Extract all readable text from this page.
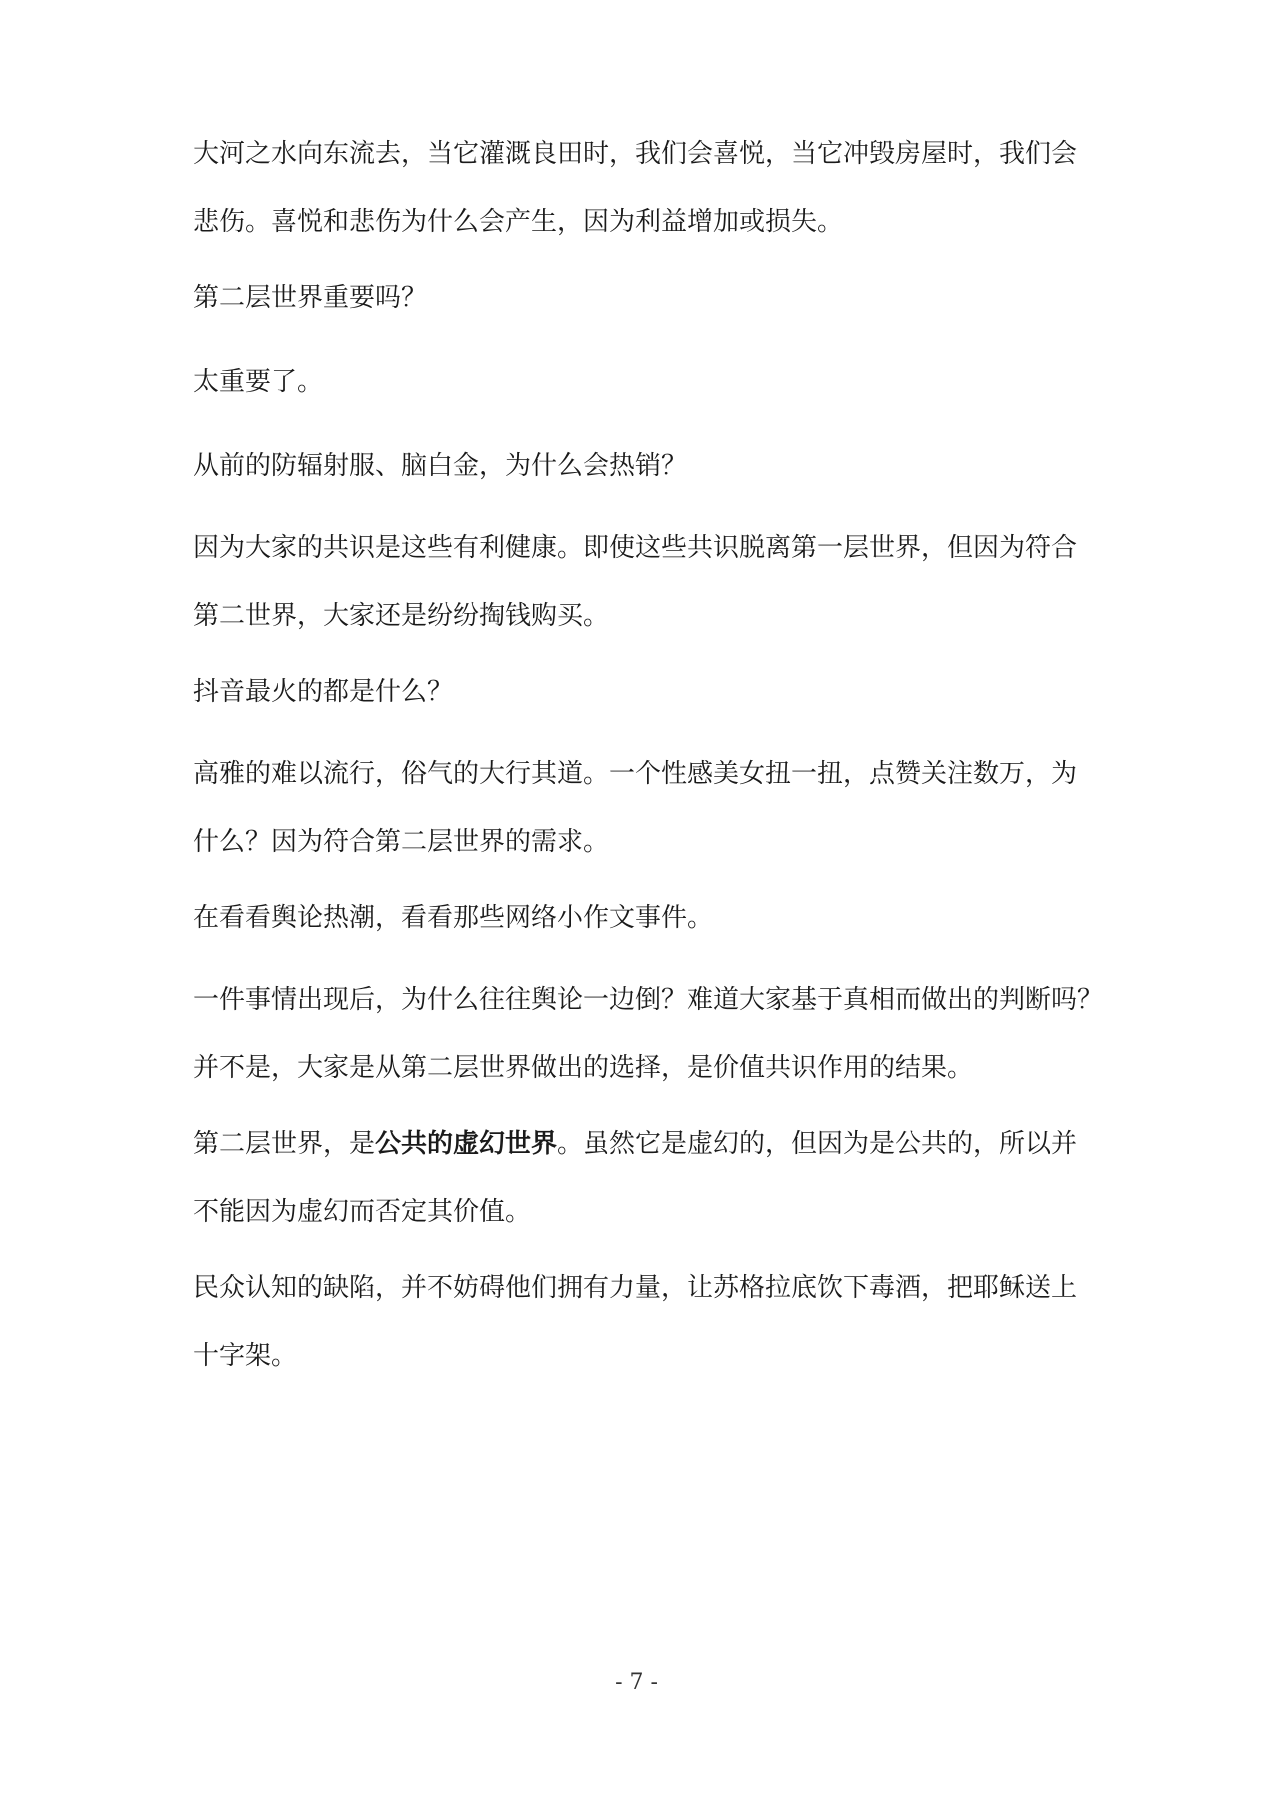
大河之水向东流去，当它灌溉良田时，我们会喜悦，当它冲毁房屋时，我们会
悲伤。喜悦和悲伤为什么会产生，因为利益增加或损失。

第二层世界重要吗？

太重要了。

从前的防辐射服、脑白金，为什么会热销？

因为大家的共识是这些有利健康。即使这些共识脱离第一层世界，但因为符合
第二世界，大家还是纷纷掏钱购买。

抖音最火的都是什么？

高雅的难以流行，俗气的大行其道。一个性感美女扭一扭，点赞关注数万，为
什么？因为符合第二层世界的需求。

在看看舆论热潮，看看那些网络小作文事件。

一件事情出现后，为什么往往舆论一边倒？难道大家基于真相而做出的判断吗？
并不是，大家是从第二层世界做出的选择，是价值共识作用的结果。

第二层世界，是公共的虚幻世界。虽然它是虚幻的，但因为是公共的，所以并
不能因为虚幻而否定其价值。

民众认知的缺陷，并不妨碍他们拥有力量，让苏格拉底饮下毒酒，把耶稣送上
十字架。

- 7 -
